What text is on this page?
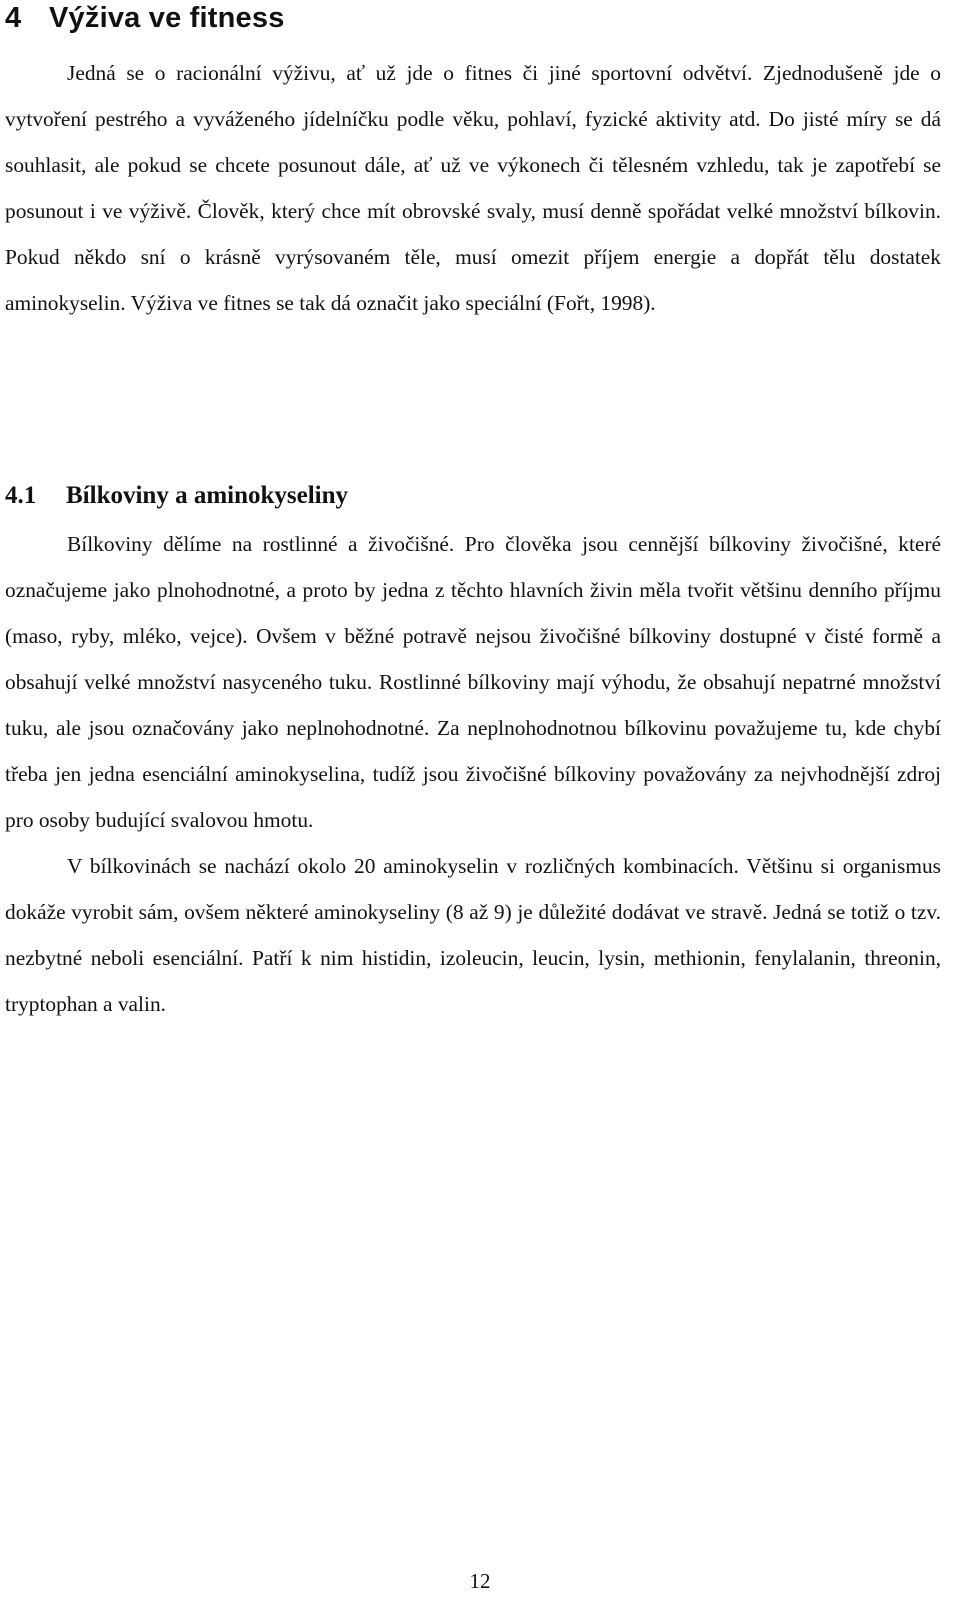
4 Výživa ve fitness

Jedná se o racionální výživu, ať už jde o fitnes či jiné sportovní odvětví. Zjednodušeně jde o vytvoření pestrého a vyváženého jídelníčku podle věku, pohlaví, fyzické aktivity atd. Do jisté míry se dá souhlasit, ale pokud se chcete posunout dále, ať už ve výkonech či tělesném vzhledu, tak je zapotřebí se posunout i ve výživě. Člověk, který chce mít obrovské svaly, musí denně spořádat velké množství bílkovin. Pokud někdo sní o krásně vyrýsovaném těle, musí omezit příjem energie a dopřát tělu dostatek aminokyselin. Výživa ve fitnes se tak dá označit jako speciální (Fořt, 1998).

4.1 Bílkoviny a aminokyseliny

Bílkoviny dělíme na rostlinné a živočišné. Pro člověka jsou cennější bílkoviny živočišné, které označujeme jako plnohodnotné, a proto by jedna z těchto hlavních živin měla tvořit většinu denního příjmu (maso, ryby, mléko, vejce). Ovšem v běžné potravě nejsou živočišné bílkoviny dostupné v čisté formě a obsahují velké množství nasyceného tuku. Rostlinné bílkoviny mají výhodu, že obsahují nepatrné množství tuku, ale jsou označovány jako neplnohodnotné. Za neplnohodnotnou bílkovinu považujeme tu, kde chybí třeba jen jedna esenciální aminokyselina, tudíž jsou živočišné bílkoviny považovány za nejvhodnější zdroj pro osoby budující svalovou hmotu.

V bílkovinách se nachází okolo 20 aminokyselin v rozličných kombinacích. Většinu si organismus dokáže vyrobit sám, ovšem některé aminokyseliny (8 až 9) je důležité dodávat ve stravě. Jedná se totiž o tzv. nezbytné neboli esenciální. Patří k nim histidin, izoleucin, leucin, lysin, methionin, fenylalanin, threonin, tryptophan a valin.

12
